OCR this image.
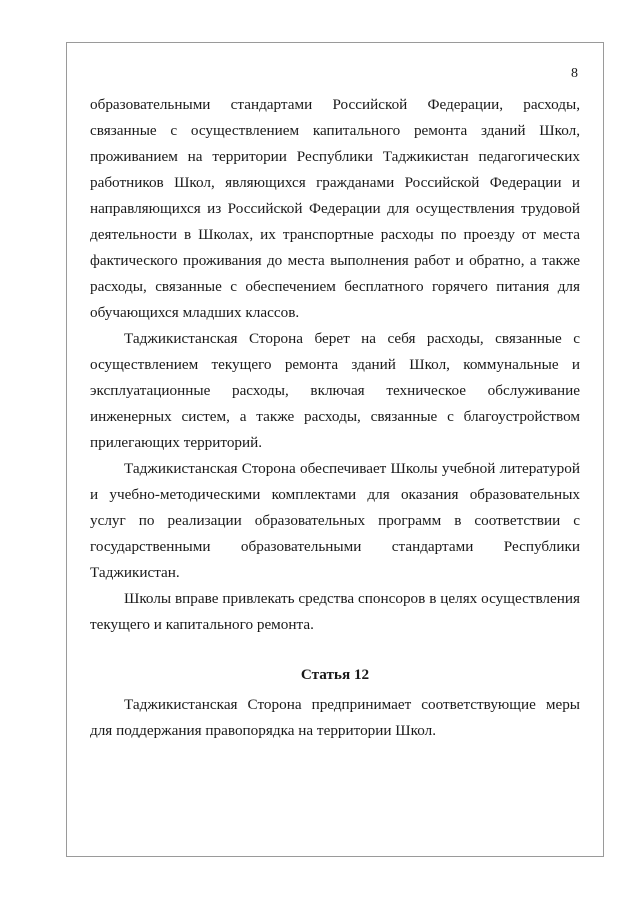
8

образовательными стандартами Российской Федерации, расходы, связанные с осуществлением капитального ремонта зданий Школ, проживанием на территории Республики Таджикистан педагогических работников Школ, являющихся гражданами Российской Федерации и направляющихся из Российской Федерации для осуществления трудовой деятельности в Школах, их транспортные расходы по проезду от места фактического проживания до места выполнения работ и обратно, а также расходы, связанные с обеспечением бесплатного горячего питания для обучающихся младших классов.

Таджикистанская Сторона берет на себя расходы, связанные с осуществлением текущего ремонта зданий Школ, коммунальные и эксплуатационные расходы, включая техническое обслуживание инженерных систем, а также расходы, связанные с благоустройством прилегающих территорий.

Таджикистанская Сторона обеспечивает Школы учебной литературой и учебно-методическими комплектами для оказания образовательных услуг по реализации образовательных программ в соответствии с государственными образовательными стандартами Республики Таджикистан.

Школы вправе привлекать средства спонсоров в целях осуществления текущего и капитального ремонта.

Статья 12

Таджикистанская Сторона предпринимает соответствующие меры для поддержания правопорядка на территории Школ.
